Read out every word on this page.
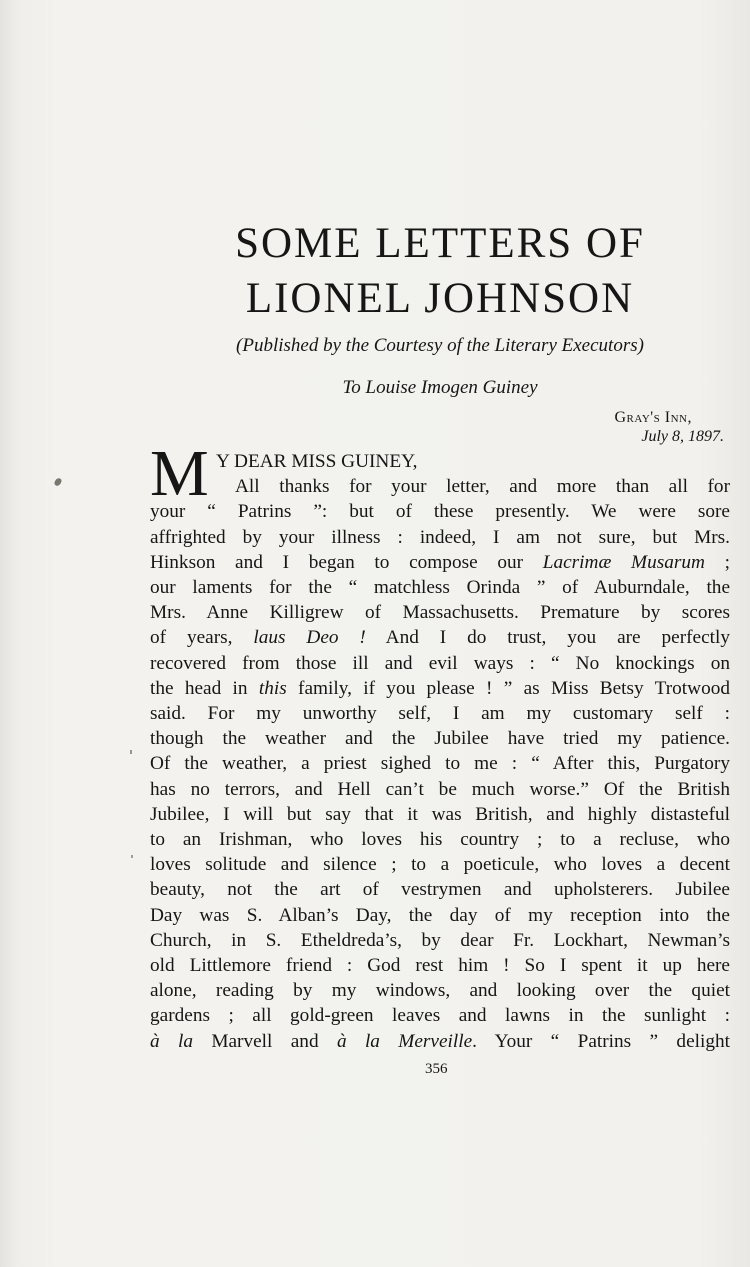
SOME LETTERS OF
LIONEL JOHNSON
(Published by the Courtesy of the Literary Executors)
To Louise Imogen Guiney
Gray's Inn,
July 8, 1897.
M Y DEAR MISS GUINEY,
All thanks for your letter, and more than all for
your “ Patrins ”: but of these presently. We were sore
affrighted by your illness : indeed, I am not sure, but Mrs.
Hinkson and I began to compose our Lacrimæ Musarum ;
our laments for the “ matchless Orinda ” of Auburndale, the
Mrs. Anne Killigrew of Massachusetts. Premature by scores
of years, laus Deo ! And I do trust, you are perfectly
recovered from those ill and evil ways : “ No knockings on
the head in this family, if you please ! ” as Miss Betsy Trotwood
said. For my unworthy self, I am my customary self :
though the weather and the Jubilee have tried my patience.
Of the weather, a priest sighed to me : “ After this, Purgatory
has no terrors, and Hell can’t be much worse.” Of the British
Jubilee, I will but say that it was British, and highly distasteful
to an Irishman, who loves his country ; to a recluse, who
loves solitude and silence ; to a poeticule, who loves a decent
beauty, not the art of vestrymen and upholsterers. Jubilee
Day was S. Alban’s Day, the day of my reception into the
Church, in S. Etheldreda’s, by dear Fr. Lockhart, Newman’s
old Littlemore friend : God rest him ! So I spent it up here
alone, reading by my windows, and looking over the quiet
gardens ; all gold-green leaves and lawns in the sunlight :
à la Marvell and à la Merveille. Your “ Patrins ” delight
356
